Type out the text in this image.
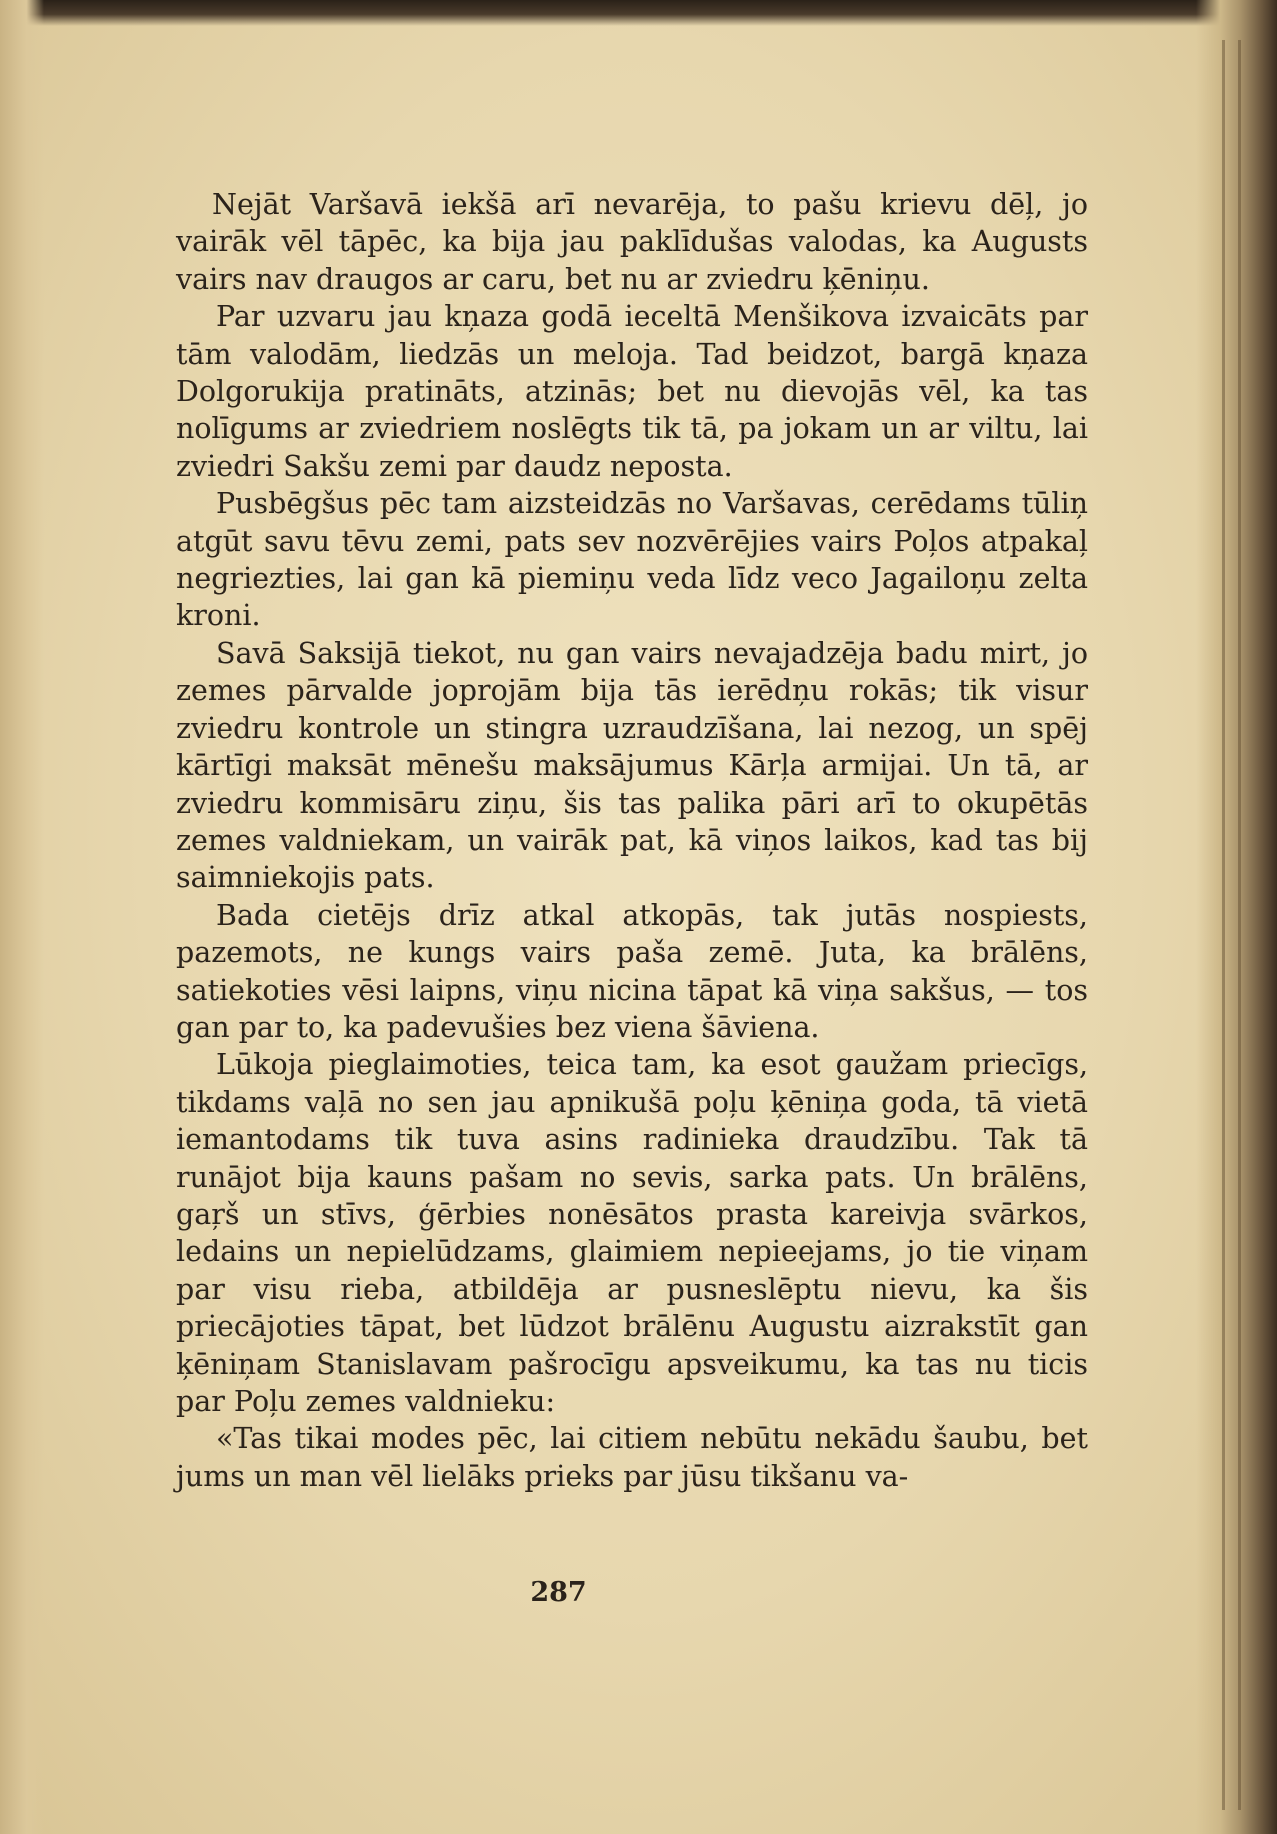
Nejāt Varšavā iekšā arī nevarēja, to pašu krievu dēļ, jo vairāk vēl tāpēc, ka bija jau paklīdušas valodas, ka Augusts vairs nav draugos ar caru, bet nu ar zviedru ķēniņu.

Par uzvaru jau kņaza godā ieceltā Menšikova izvaicāts par tām valodām, liedzās un meloja. Tad beidzot, bargā kņaza Dolgorukija pratināts, atzinās; bet nu dievojās vēl, ka tas nolīgums ar zviedriem noslēgts tik tā, pa jokam un ar viltu, lai zviedri Sakšu zemi par daudz neposta.

Pusbēgšus pēc tam aizsteidzās no Varšavas, cerēdams tūliņ atgūt savu tēvu zemi, pats sev nozvērējies vairs Poļos atpakaļ negriezties, lai gan kā piemiņu veda līdz veco Jagailoņu zelta kroni.

Savā Saksijā tiekot, nu gan vairs nevajadzēja badu mirt, jo zemes pārvalde joprojām bija tās ierēdņu rokās; tik visur zviedru kontrole un stingra uzraudzīšana, lai nezog, un spēj kārtīgi maksāt mēnešu maksājumus Kārļa armijai. Un tā, ar zviedru kommisāru ziņu, šis tas palika pāri arī to okupētās zemes valdniekam, un vairāk pat, kā viņos laikos, kad tas bij saimniekojis pats.

Bada cietējs drīz atkal atkopās, tak jutās nospiests, pazemots, ne kungs vairs paša zemē. Juta, ka brālēns, satiekoties vēsi laipns, viņu nicina tāpat kā viņa sakšus, — tos gan par to, ka padevušies bez viena šāviena.

Lūkoja pieglaimoties, teica tam, ka esot gaužam priecīgs, tikdams vaļā no sen jau apnikušā poļu ķēniņa goda, tā vietā iemantodams tik tuva asins radinieka draudzību. Tak tā runājot bija kauns pašam no sevis, sarka pats. Un brālēns, gaŗš un stīvs, ģērbies nonēsātos prasta kareivja svārkos, ledains un nepielūdzams, glaimiem nepieejams, jo tie viņam par visu rieba, atbildēja ar pusneslēptu nievu, ka šis priecājoties tāpat, bet lūdzot brālēnu Augustu aizrakstīt gan ķēniņam Stanislavam pašrocīgu apsveikumu, ka tas nu ticis par Poļu zemes valdnieku:

«Tas tikai modes pēc, lai citiem nebūtu nekādu šaubu, bet jums un man vēl lielāks prieks par jūsu tikšanu va-

287
